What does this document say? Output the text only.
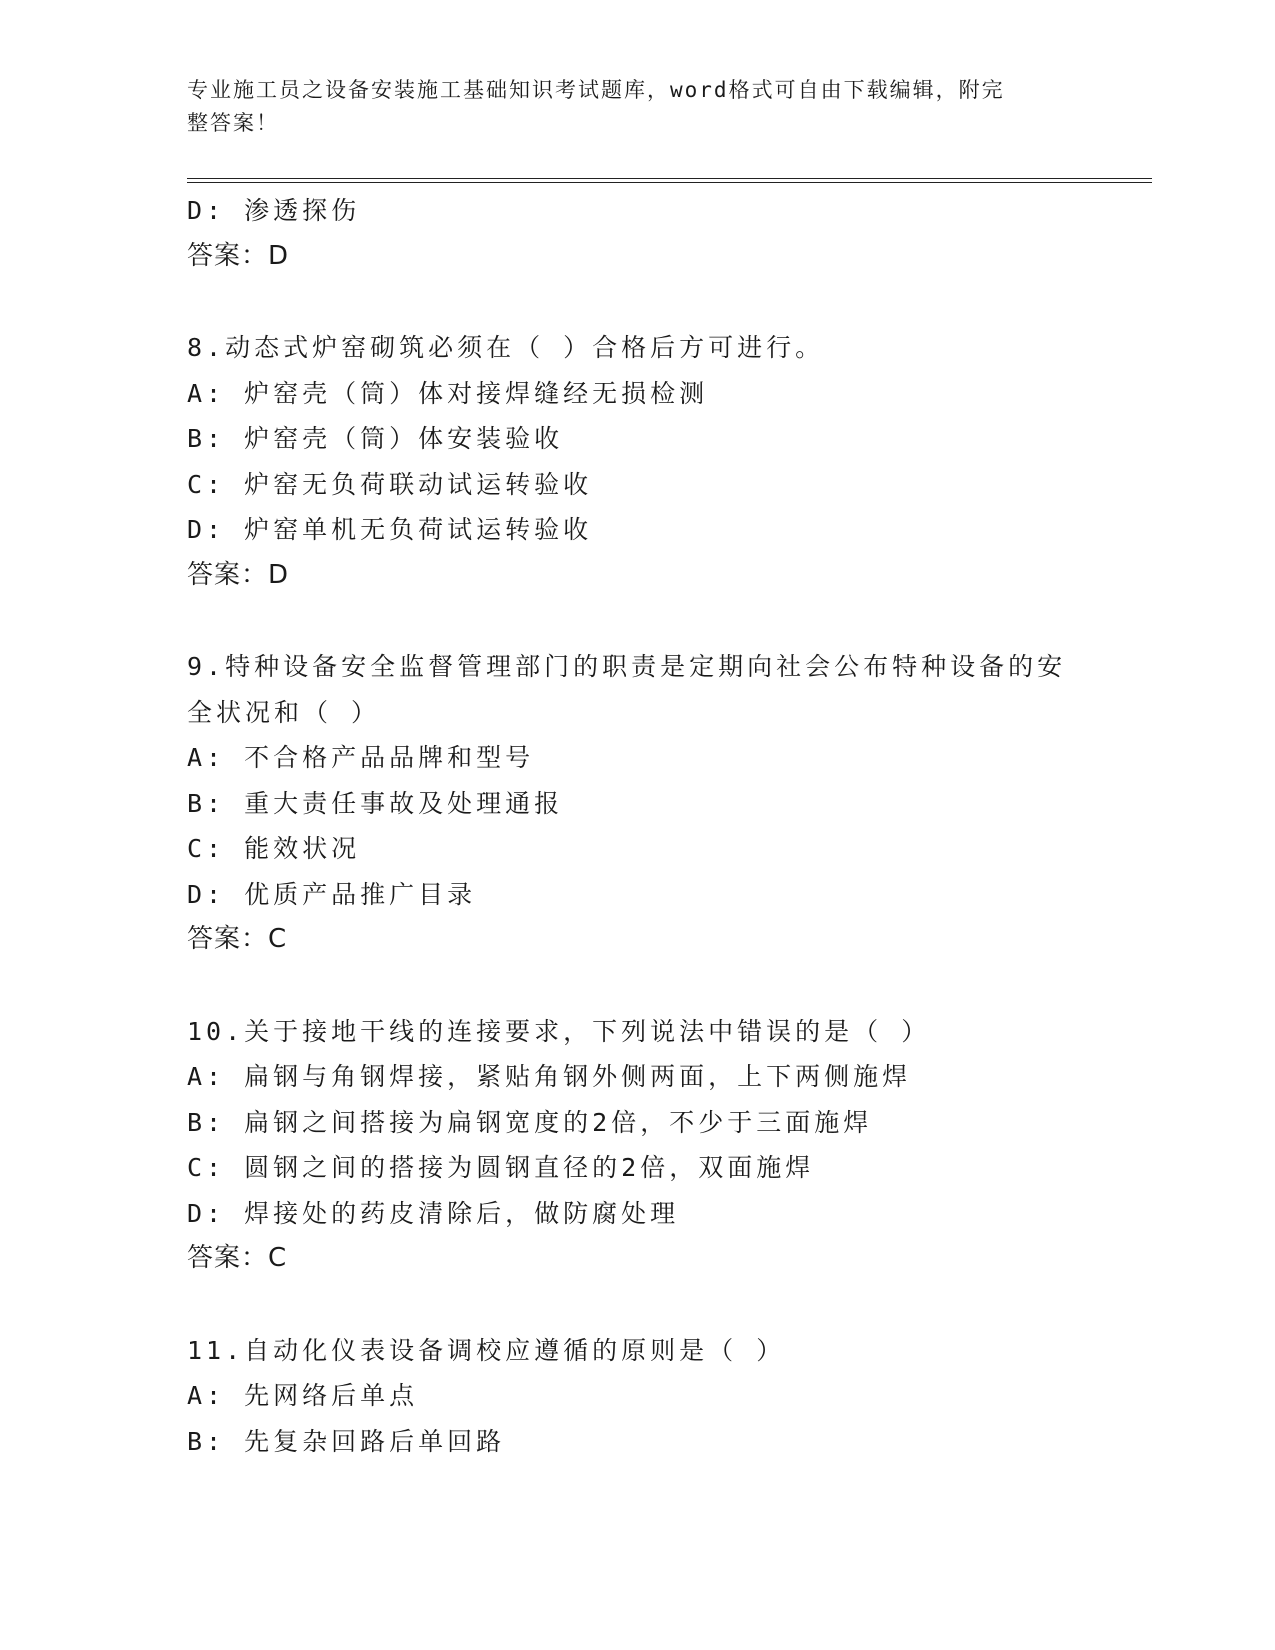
专业施工员之设备安装施工基础知识考试题库，word格式可自由下载编辑，附完
整答案！
D: 渗透探伤
答案：D
8.动态式炉窑砌筑必须在（ ）合格后方可进行。
A: 炉窑壳（筒）体对接焊缝经无损检测
B: 炉窑壳（筒）体安装验收
C: 炉窑无负荷联动试运转验收
D: 炉窑单机无负荷试运转验收
答案：D
9.特种设备安全监督管理部门的职责是定期向社会公布特种设备的安
全状况和（ ）
A: 不合格产品品牌和型号
B: 重大责任事故及处理通报
C: 能效状况
D: 优质产品推广目录
答案：C
10.关于接地干线的连接要求，下列说法中错误的是（ ）
A: 扁钢与角钢焊接，紧贴角钢外侧两面，上下两侧施焊
B: 扁钢之间搭接为扁钢宽度的2倍，不少于三面施焊
C: 圆钢之间的搭接为圆钢直径的2倍，双面施焊
D: 焊接处的药皮清除后，做防腐处理
答案：C
11.自动化仪表设备调校应遵循的原则是（ ）
A: 先网络后单点
B: 先复杂回路后单回路
